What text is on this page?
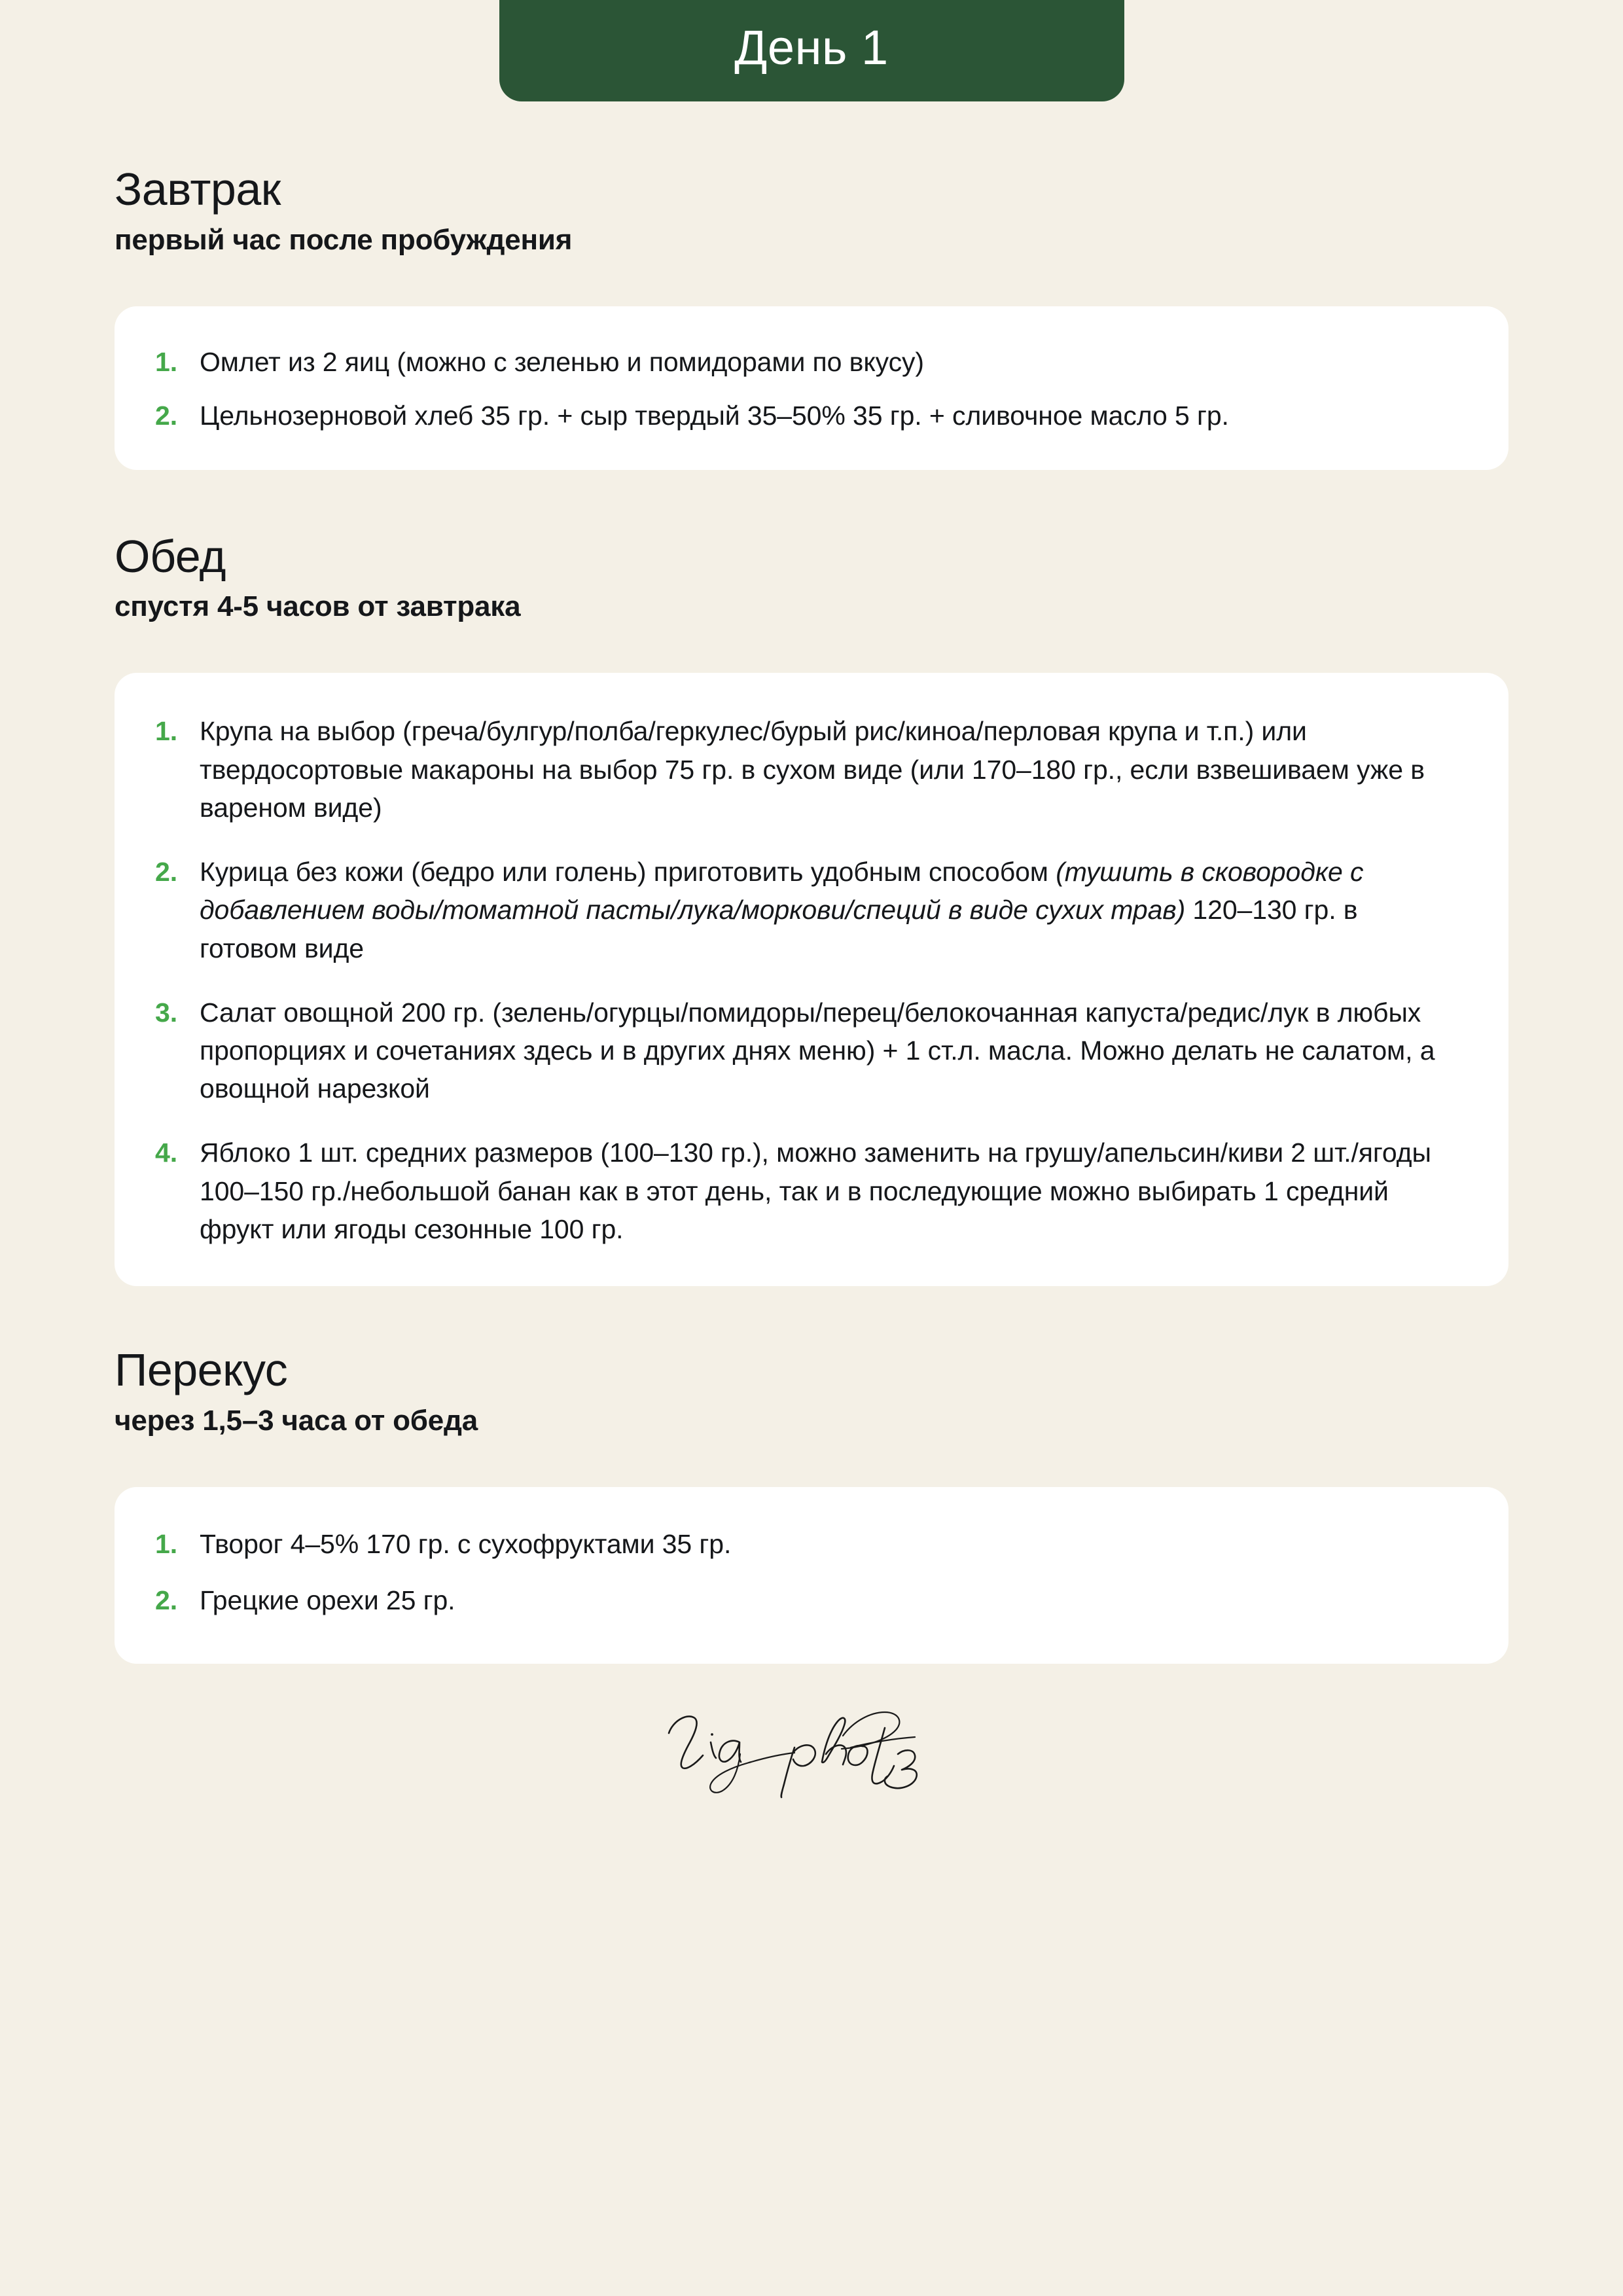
День 1
Завтрак

первый час после пробуждения

1. Омлет из 2 яиц (можно с зеленью и помидорами по вкусу)
2. Цельнозерновой хлеб 35 гр. + сыр твердый 35–50% 35 гр. + сливочное масло 5 гр.
Обед

спустя 4-5 часов от завтрака

1. Крупа на выбор (греча/булгур/полба/геркулес/бурый рис/киноа/перловая крупа и т.п.) или твердосортовые макароны на выбор 75 гр. в сухом виде (или 170–180 гр., если взвешиваем уже в вареном виде)
2. Курица без кожи (бедро или голень) приготовить удобным способом (тушить в сковородке с добавлением воды/томатной пасты/лука/моркови/специй в виде сухих трав) 120–130 гр. в готовом виде
3. Салат овощной 200 гр. (зелень/огурцы/помидоры/перец/белокочанная капуста/редис/лук в любых пропорциях и сочетаниях здесь и в других днях меню) + 1 ст.л. масла. Можно делать не салатом, а овощной нарезкой
4. Яблоко 1 шт. средних размеров (100–130 гр.), можно заменить на грушу/апельсин/киви 2 шт./ягоды 100–150 гр./небольшой банан как в этот день, так и в последующие можно выбирать 1 средний фрукт или ягоды сезонные 100 гр.
Перекус

через 1,5–3 часа от обеда

1. Творог 4–5% 170 гр. с сухофруктами 35 гр.
2. Грецкие орехи 25 гр.
